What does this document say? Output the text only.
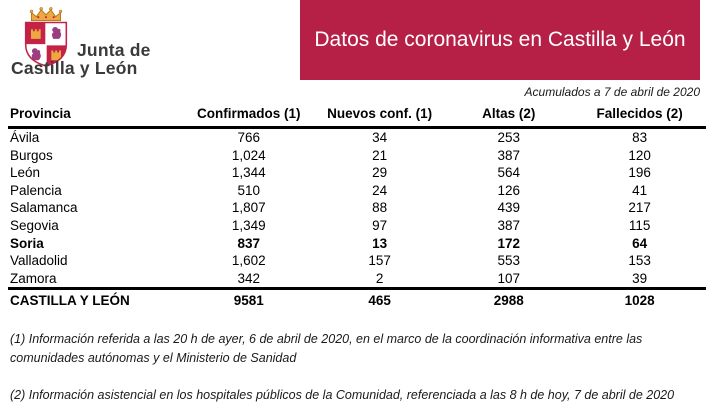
Junta de
Castilla y León
Datos de coronavirus en Castilla y León
Acumulados a 7 de abril de 2020
Provincia	Confirmados (1)	Nuevos conf. (1)	Altas (2)	Fallecidos (2)
Ávila	766	34	253	83
Burgos	1,024	21	387	120
León	1,344	29	564	196
Palencia	510	24	126	41
Salamanca	1,807	88	439	217
Segovia	1,349	97	387	115
Soria	837	13	172	64
Valladolid	1,602	157	553	153
Zamora	342	2	107	39
CASTILLA Y LEÓN	9581	465	2988	1028

(1) Información referida a las 20 h de ayer, 6 de abril de 2020, en el marco de la coordinación informativa entre las comunidades autónomas y el Ministerio de Sanidad

(2) Información asistencial en los hospitales públicos de la Comunidad, referenciada a las 8 h de hoy, 7 de abril de 2020
